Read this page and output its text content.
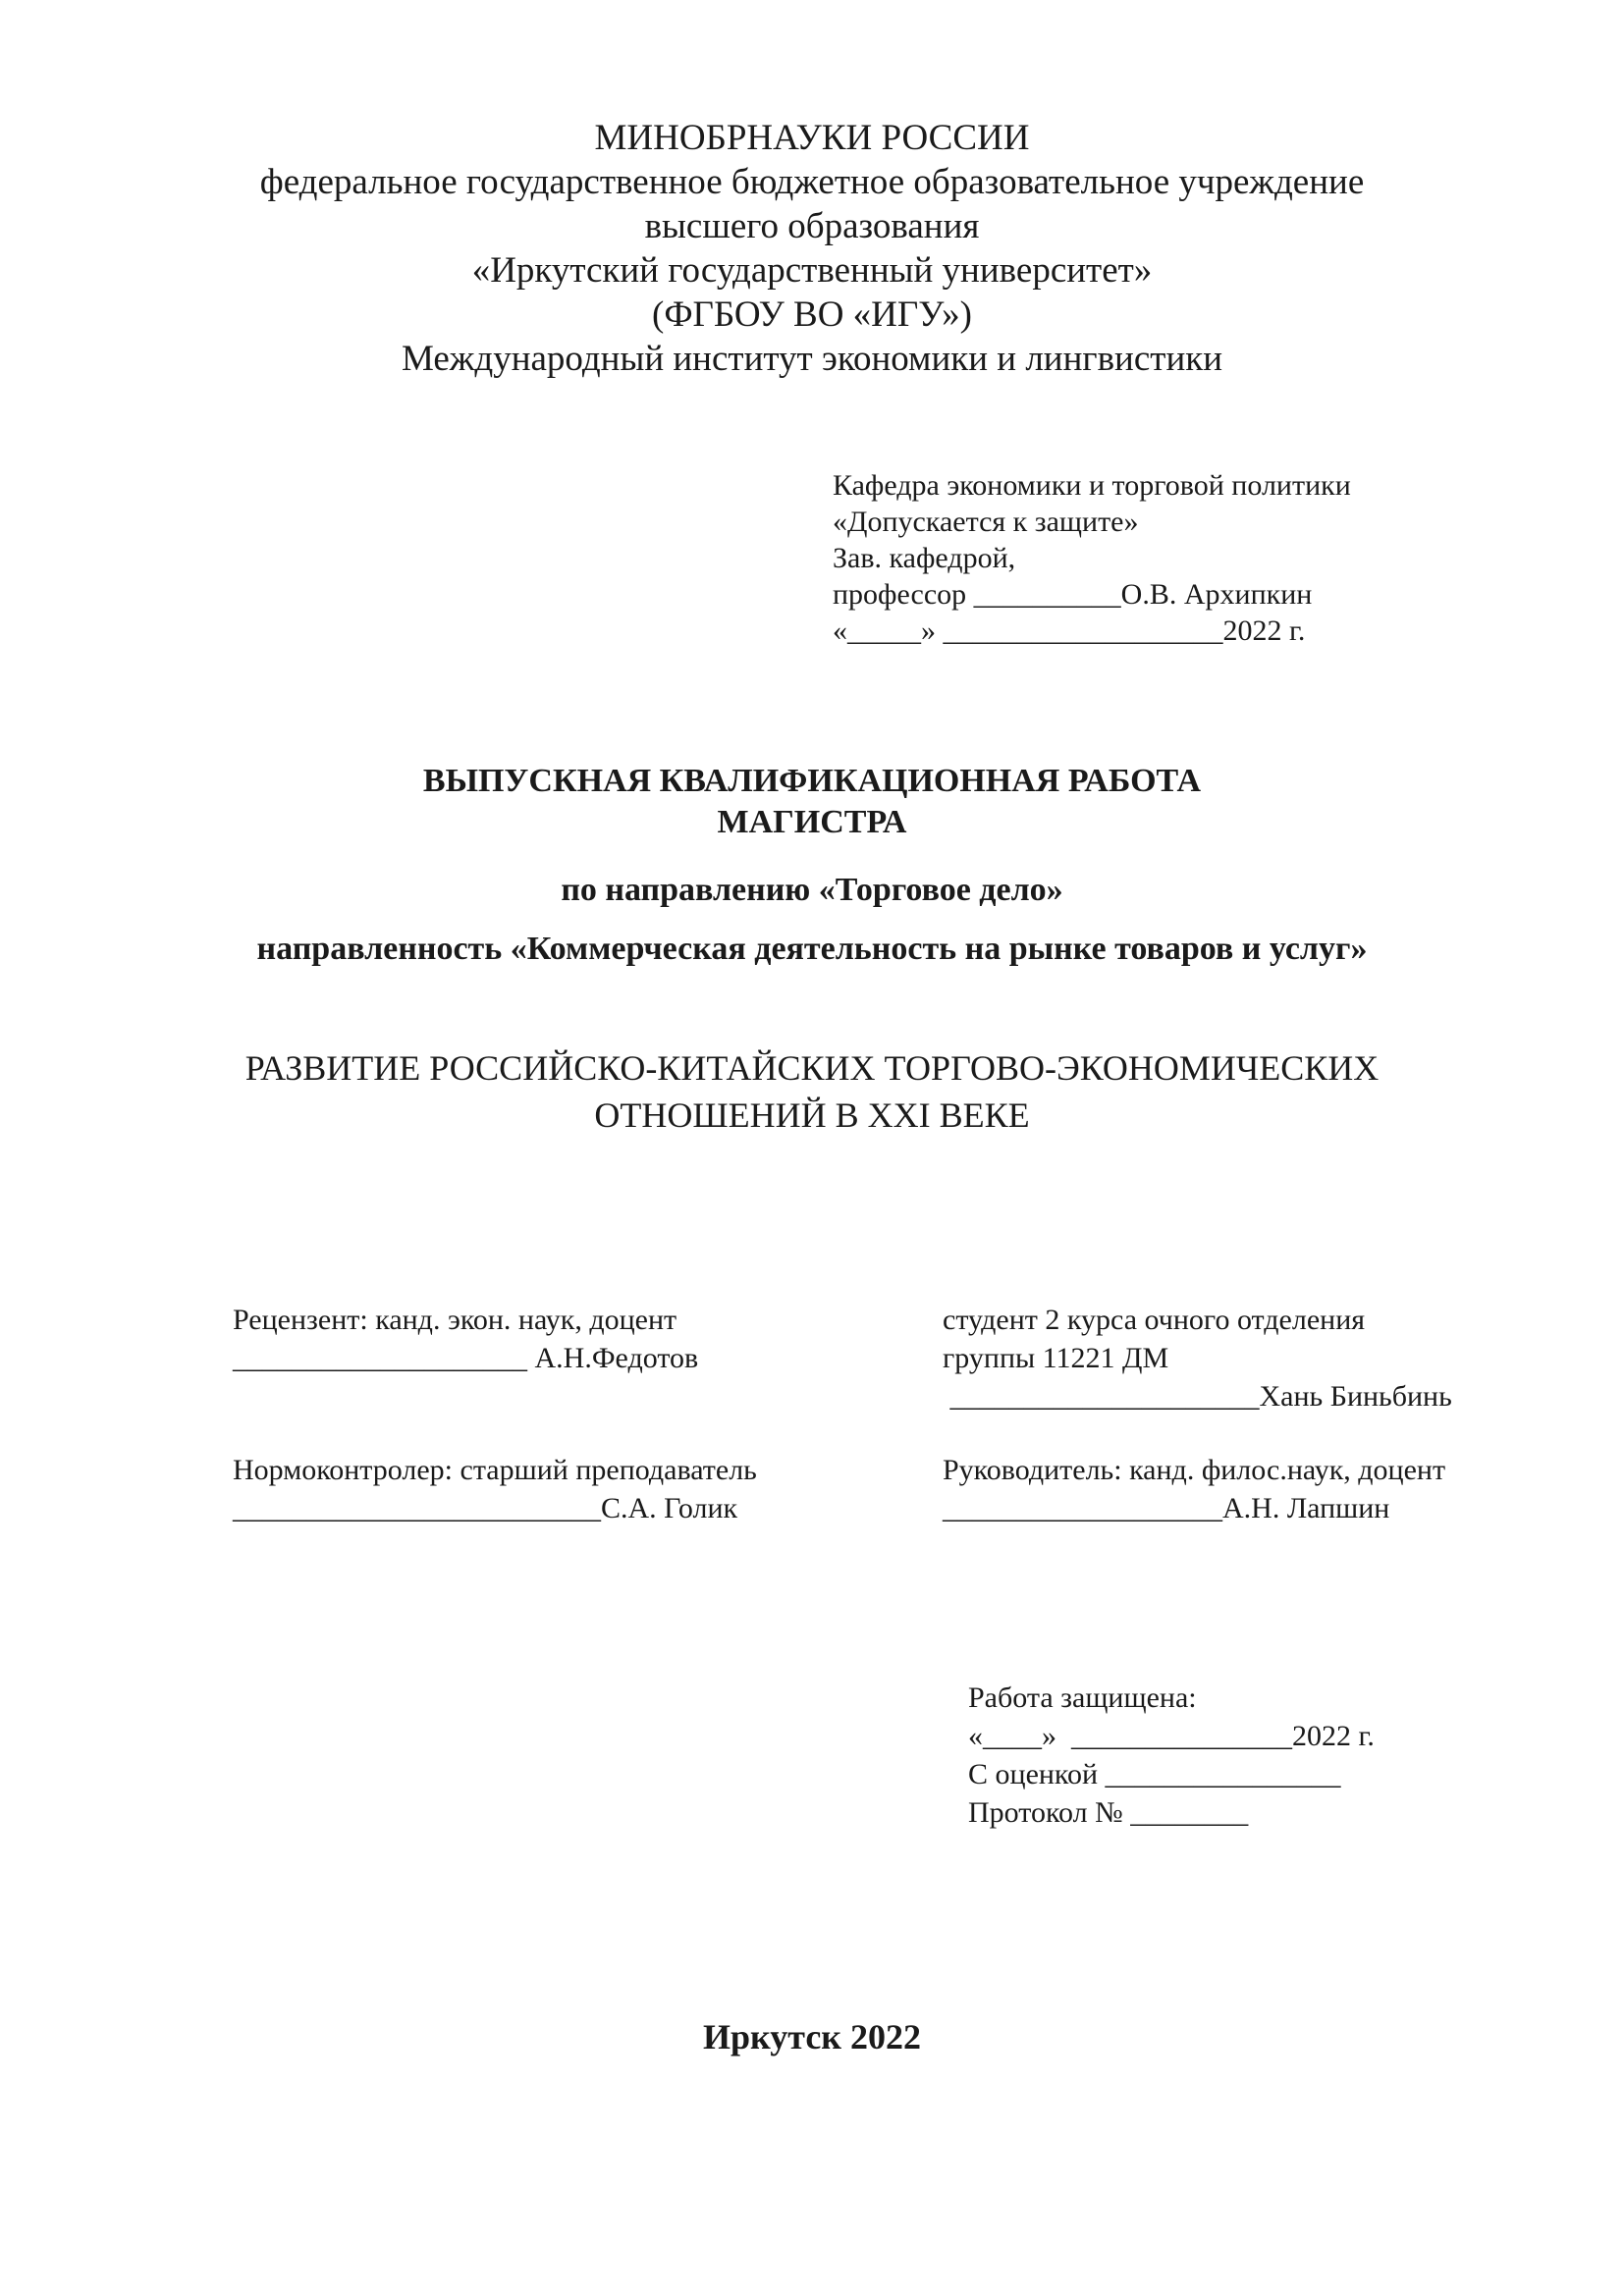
МИНОБРНАУКИ РОССИИ
федеральное государственное бюджетное образовательное учреждение
высшего образования
«Иркутский государственный университет»
(ФГБОУ ВО «ИГУ»)
Международный институт экономики и лингвистики
Кафедра экономики и торговой политики
«Допускается к защите»
Зав. кафедрой,
профессор __________О.В. Архипкин
«_____» ___________________2022 г.
ВЫПУСКНАЯ КВАЛИФИКАЦИОННАЯ РАБОТА
МАГИСТРА
по направлению «Торговое дело»
направленность «Коммерческая деятельность на рынке товаров и услуг»
РАЗВИТИЕ РОССИЙСКО-КИТАЙСКИХ ТОРГОВО-ЭКОНОМИЧЕСКИХ
ОТНОШЕНИЙ В XXI ВЕКЕ
Рецензент: канд. экон. наук, доцент
____________________ А.Н.Федотов
студент 2 курса очного отделения
группы 11221 ДМ
_____________________Хань Биньбинь
Нормоконтролер: старший преподаватель
_________________________С.А. Голик
Руководитель: канд. филос.наук, доцент
___________________А.Н. Лапшин
Работа защищена:
«____»  _______________2022 г.
С оценкой ________________
Протокол № ________
Иркутск 2022
